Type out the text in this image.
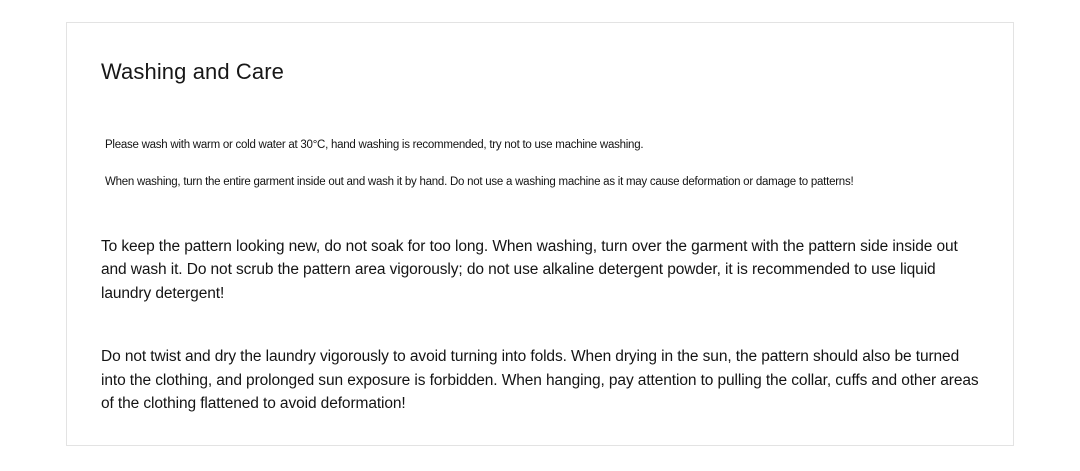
Washing and Care

Please wash with warm or cold water at 30°C, hand washing is recommended, try not to use machine washing.

When washing, turn the entire garment inside out and wash it by hand. Do not use a washing machine as it may cause deformation or damage to patterns!

To keep the pattern looking new, do not soak for too long. When washing, turn over the garment with the pattern side inside out and wash it. Do not scrub the pattern area vigorously; do not use alkaline detergent powder, it is recommended to use liquid laundry detergent!

Do not twist and dry the laundry vigorously to avoid turning into folds. When drying in the sun, the pattern should also be turned into the clothing, and prolonged sun exposure is forbidden. When hanging, pay attention to pulling the collar, cuffs and other areas of the clothing flattened to avoid deformation!
